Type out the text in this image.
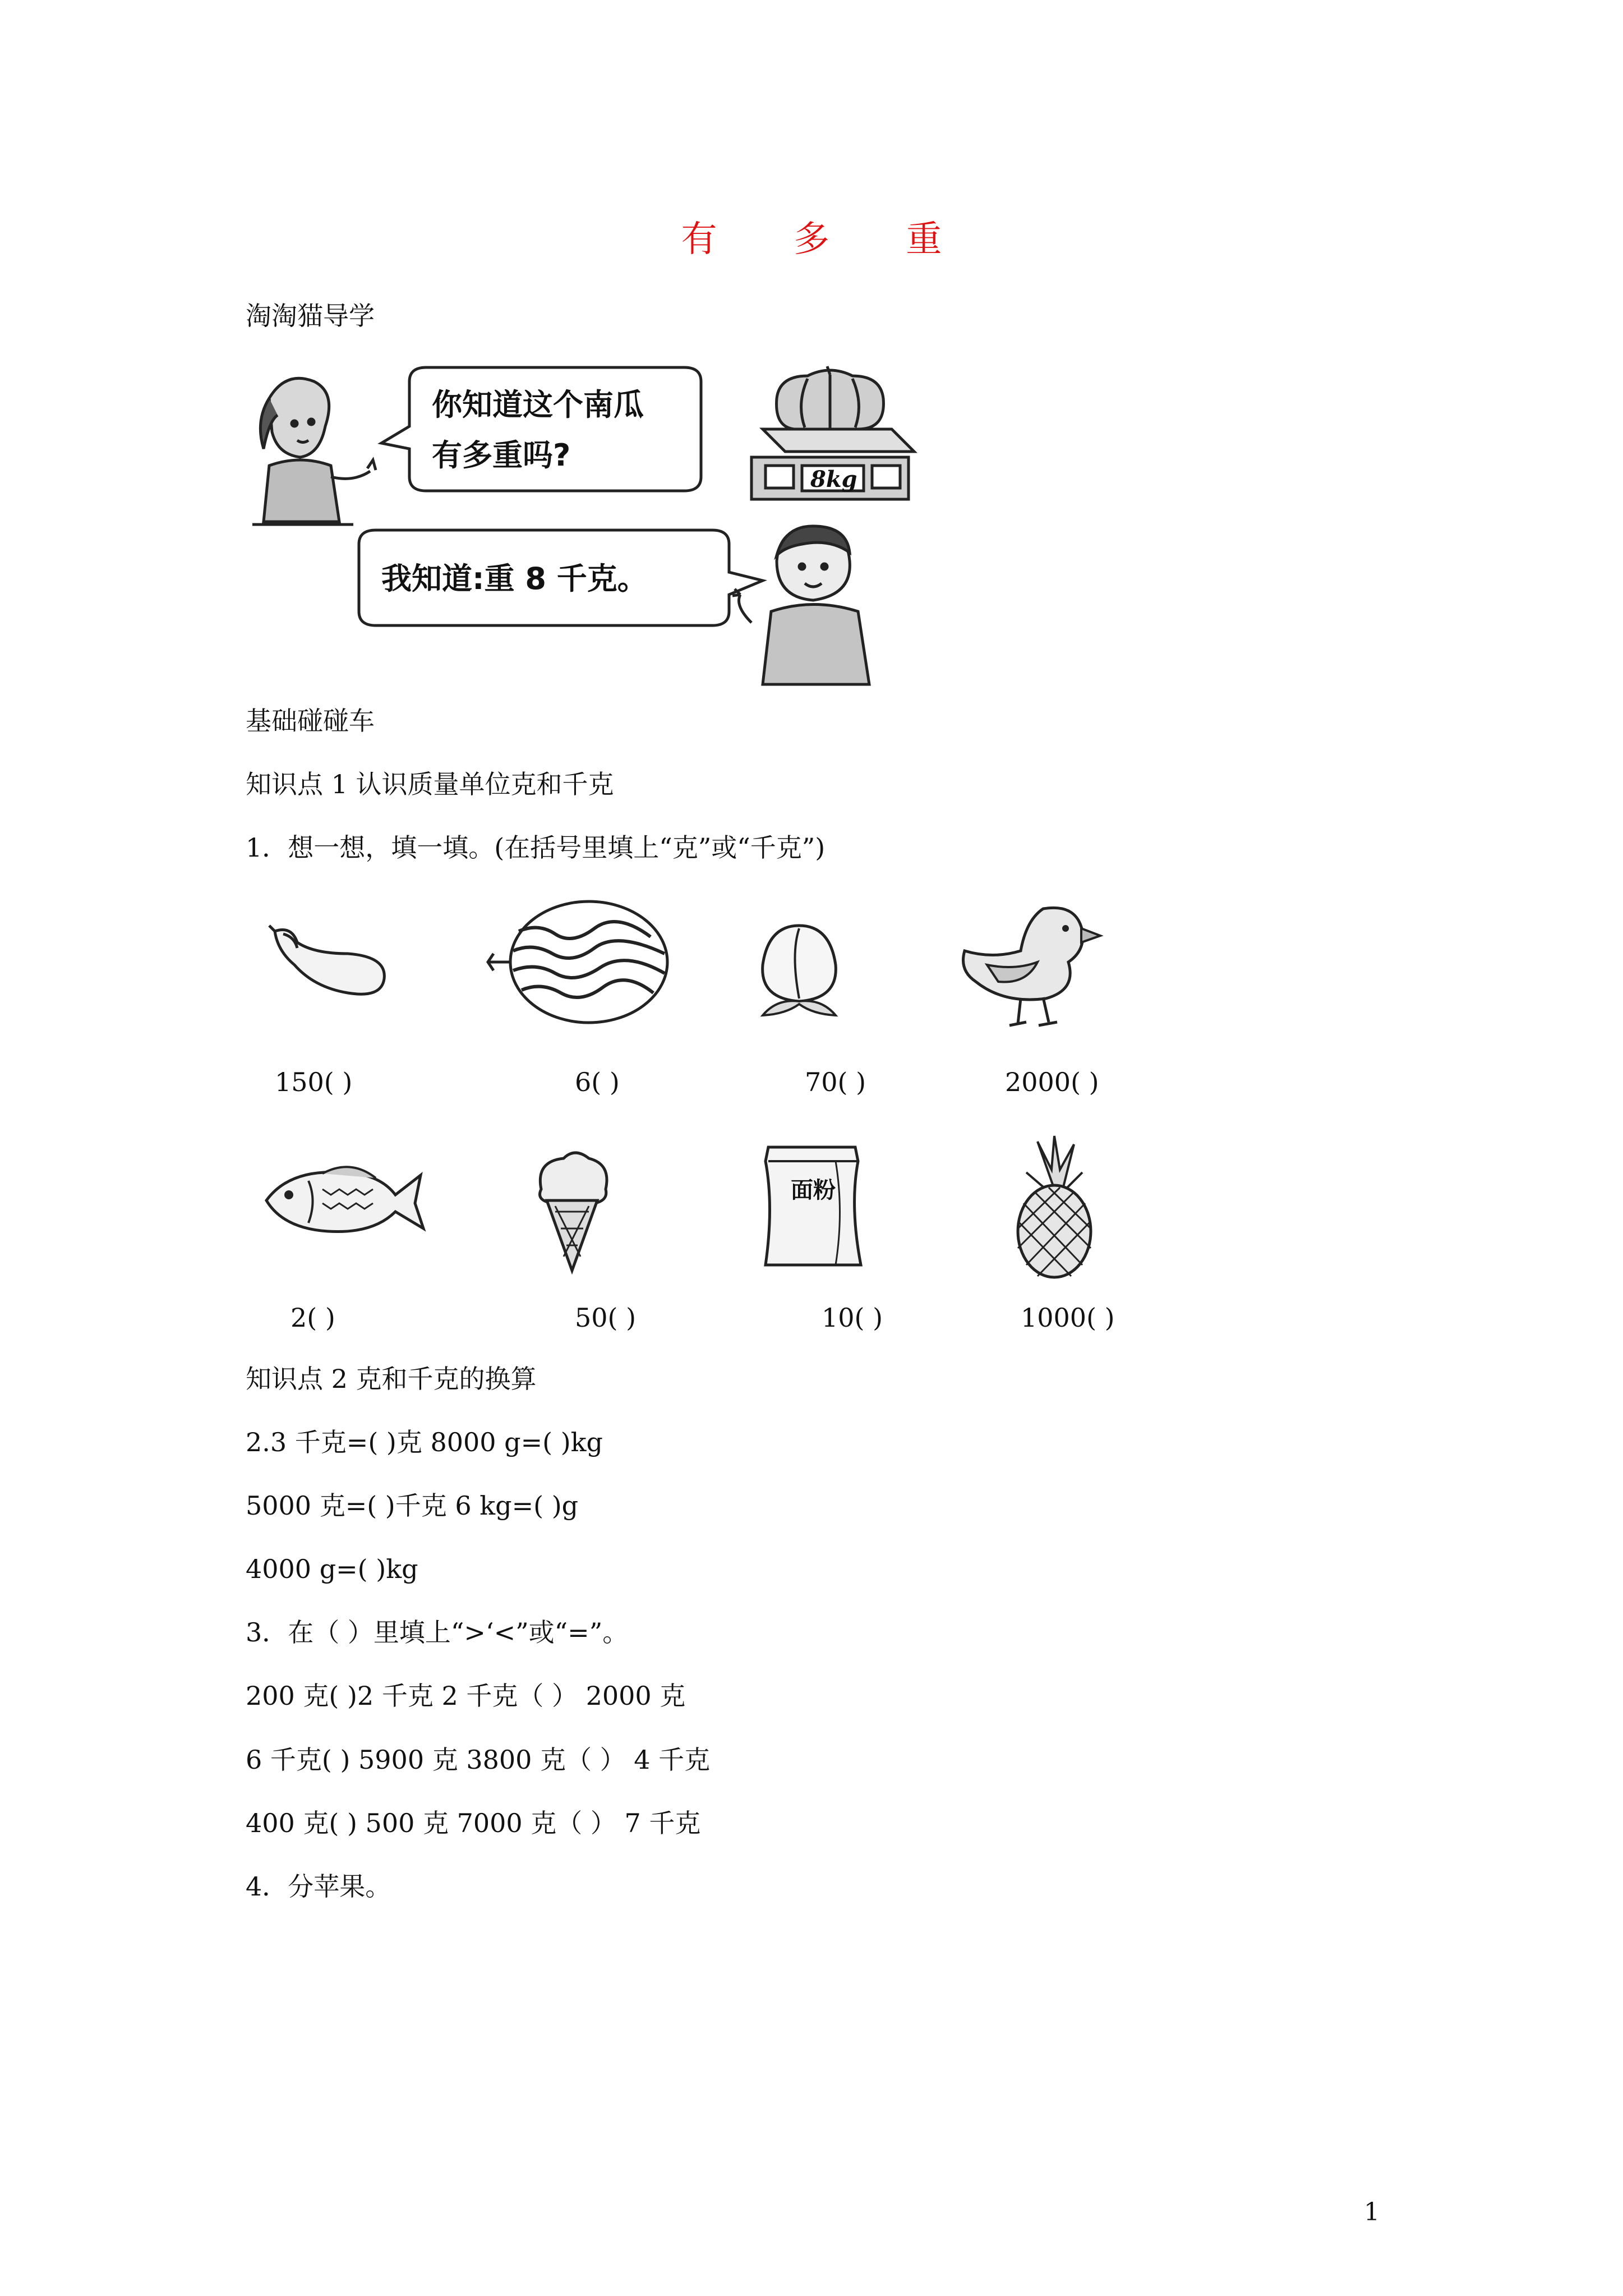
有 多 重
淘淘猫导学
你知道这个南瓜
有多重吗?
8kg
我知道:重 8 千克。
基础碰碰车
知识点 1 认识质量单位克和千克
1．想一想，填一填。(在括号里填上“克”或“千克”)
150( )	6( )	70( )	2000( )
面粉
2( )	50( )	10( )	1000( )
知识点 2 克和千克的换算
2.3 千克=( )克 8000 g=( )kg
5000 克=( )千克 6 kg=( )g
4000 g=( )kg
3．在（ ）里填上“>‘<”或“=”。
200 克( )2 千克 2 千克（ ） 2000 克
6 千克( ) 5900 克 3800 克（ ） 4 千克
400 克( ) 500 克 7000 克（ ） 7 千克
4．分苹果。
1
